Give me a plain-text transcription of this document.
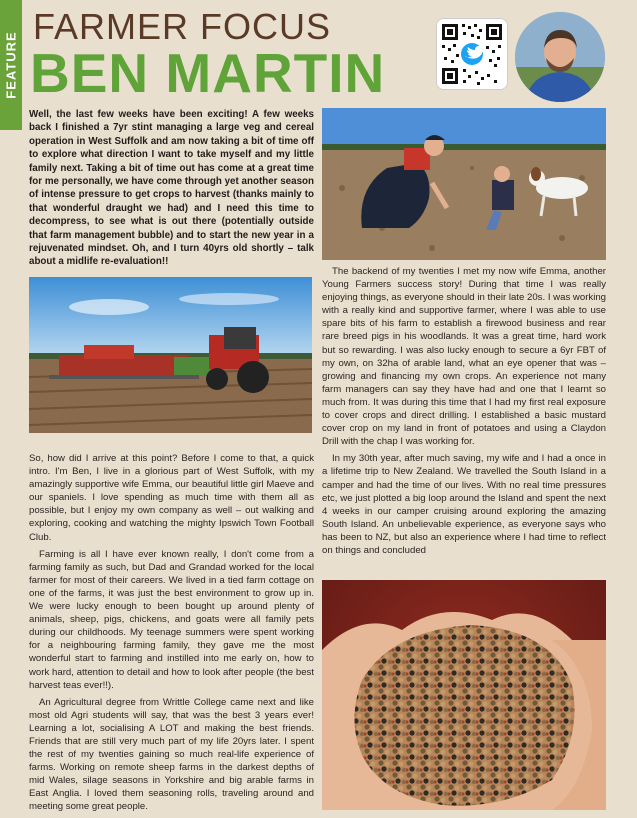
FEATURE
FARMER FOCUS
BEN MARTIN
Well, the last few weeks have been exciting! A few weeks back I finished a 7yr stint managing a large veg and cereal operation in West Suffolk and am now taking a bit of time off to explore what direction I want to take myself and my little family next. Taking a bit of time out has come at a great time for me personally, we have come through yet another season of intense pressure to get crops to harvest (thanks mainly to that wonderful draught we had) and I need this time to decompress, to see what is out there (potentially outside that farm management bubble) and to start the new year in a rejuvenated mindset. Oh, and I turn 40yrs old shortly – talk about a midlife re-evaluation!!

So, how did I arrive at this point? Before I come to that, a quick intro. I'm Ben, I live in a glorious part of West Suffolk, with my amazingly supportive wife Emma, our beautiful little girl Maeve and our spaniels. I love spending as much time with them all as possible, but I enjoy my own company as well – out walking and exploring, cooking and watching the mighty Ipswich Town Football Club.

Farming is all I have ever known really, I don't come from a farming family as such, but Dad and Grandad worked for the local farmer for most of their careers. We lived in a tied farm cottage on one of the farms, it was just the best environment to grow up in. We were lucky enough to been bought up around plenty of animals, sheep, pigs, chickens, and goats were all family pets during our childhoods. My teenage summers were spent working for a neighbouring farming family, they gave me the most wonderful start to farming and instilled into me early on, how to work hard, attention to detail and how to look after people (the best harvest teas ever!!).

An Agricultural degree from Writtle College came next and like most old Agri students will say, that was the best 3 years ever! Learning a lot, socialising A LOT and making the best friends. Friends that are still very much part of my life 20yrs later. I spent the rest of my twenties gaining so much real-life experience of farms. Working on remote sheep farms in the darkest depths of mid Wales, silage seasons in Yorkshire and big arable farms in East Anglia. I loved them seasoning rolls, traveling around and meeting some great people.

The backend of my twenties I met my now wife Emma, another Young Farmers success story! During that time I was really enjoying things, as everyone should in their late 20s. I was working with a really kind and supportive farmer, where I was able to use spare bits of his farm to establish a firewood business and rear rare breed pigs in his woodlands. It was a great time, hard work but so rewarding. I was also lucky enough to secure a 6yr FBT of my own, on 32ha of arable land, what an eye opener that was – growing and financing my own crops. An experience not many farm managers can say they have had and one that I learnt so much from. It was during this time that I had my first real exposure to cover crops and direct drilling. I established a basic mustard cover crop on my land in front of potatoes and using a Claydon Drill with the chap I was working for.

In my 30th year, after much saving, my wife and I had a once in a lifetime trip to New Zealand. We travelled the South Island in a camper and had the time of our lives. With no real time pressures etc, we just plotted a big loop around the Island and spent the next 4 weeks in our camper cruising around exploring the amazing South Island. An unbelievable experience, as everyone says who has been to NZ, but also an experience where I had time to reflect on things and concluded
